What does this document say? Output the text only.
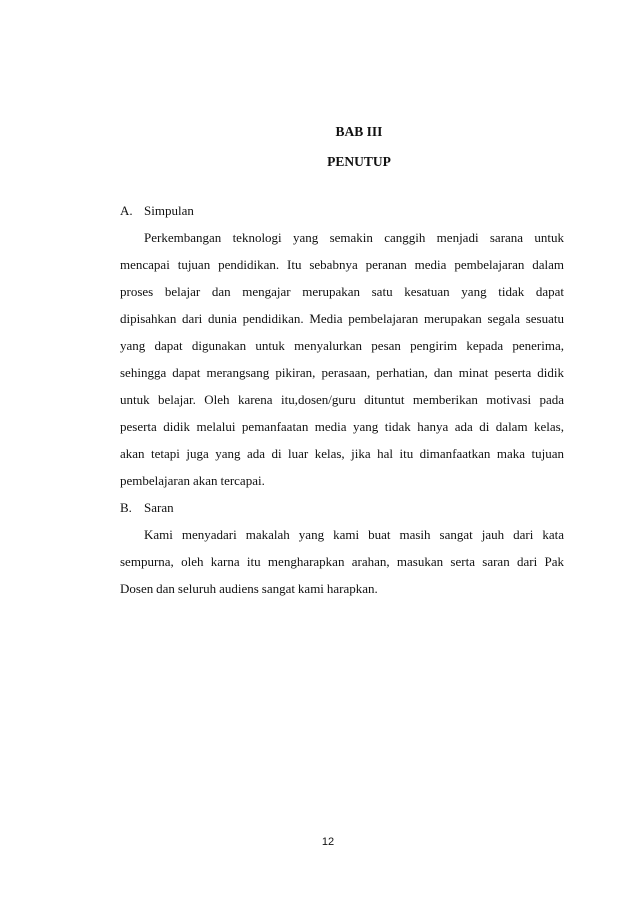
BAB III
PENUTUP
A. Simpulan
Perkembangan teknologi yang semakin canggih menjadi sarana untuk
mencapai tujuan pendidikan. Itu sebabnya peranan media pembelajaran dalam
proses belajar dan mengajar merupakan satu kesatuan yang tidak dapat
dipisahkan dari dunia pendidikan. Media pembelajaran merupakan segala sesuatu
yang dapat digunakan untuk menyalurkan pesan pengirim kepada penerima,
sehingga dapat merangsang pikiran, perasaan, perhatian, dan minat peserta didik
untuk belajar. Oleh karena itu,dosen/guru dituntut memberikan motivasi pada
peserta didik melalui pemanfaatan media yang tidak hanya ada di dalam kelas,
akan tetapi juga yang ada di luar kelas, jika hal itu dimanfaatkan maka tujuan
pembelajaran akan tercapai.
B. Saran
Kami menyadari makalah yang kami buat masih sangat jauh dari kata
sempurna, oleh karna itu mengharapkan arahan, masukan serta saran dari Pak
Dosen dan seluruh audiens sangat kami harapkan.
12
